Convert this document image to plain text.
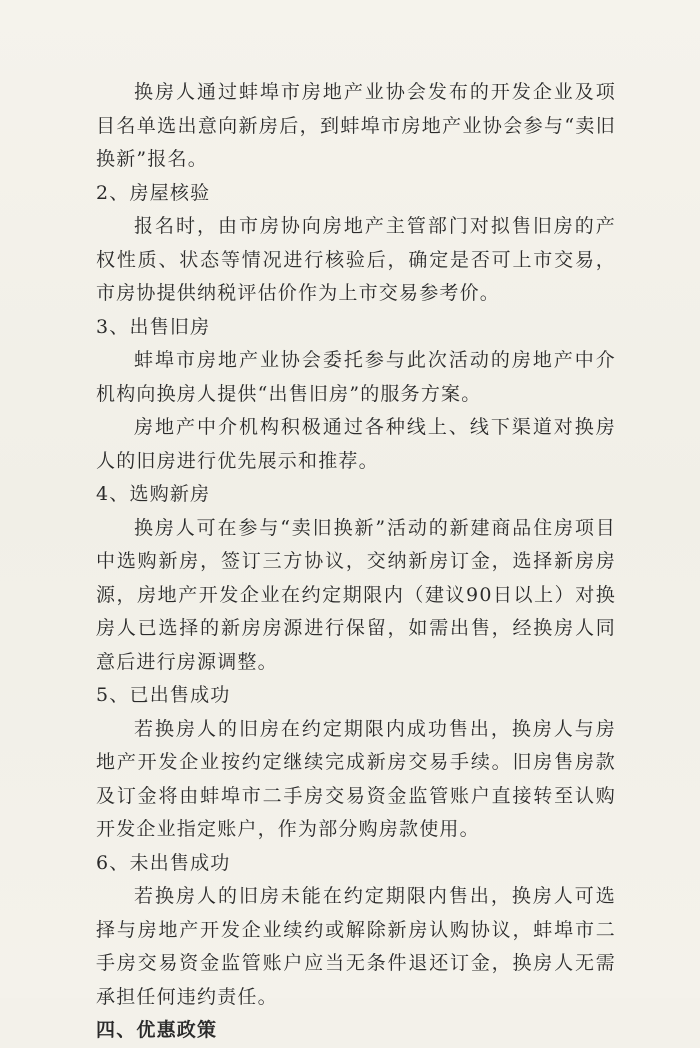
换房人通过蚌埠市房地产业协会发布的开发企业及项目名单选出意向新房后，到蚌埠市房地产业协会参与“卖旧换新”报名。

2、房屋核验

报名时，由市房协向房地产主管部门对拟售旧房的产权性质、状态等情况进行核验后，确定是否可上市交易，市房协提供纳税评估价作为上市交易参考价。

3、出售旧房

蚌埠市房地产业协会委托参与此次活动的房地产中介机构向换房人提供“出售旧房”的服务方案。

房地产中介机构积极通过各种线上、线下渠道对换房人的旧房进行优先展示和推荐。

4、选购新房

换房人可在参与“卖旧换新”活动的新建商品住房项目中选购新房，签订三方协议，交纳新房订金，选择新房房源，房地产开发企业在约定期限内（建议90日以上）对换房人已选择的新房房源进行保留，如需出售，经换房人同意后进行房源调整。

5、已出售成功

若换房人的旧房在约定期限内成功售出，换房人与房地产开发企业按约定继续完成新房交易手续。旧房售房款及订金将由蚌埠市二手房交易资金监管账户直接转至认购开发企业指定账户，作为部分购房款使用。

6、未出售成功

若换房人的旧房未能在约定期限内售出，换房人可选择与房地产开发企业续约或解除新房认购协议，蚌埠市二手房交易资金监管账户应当无条件退还订金，换房人无需承担任何违约责任。

四、优惠政策
